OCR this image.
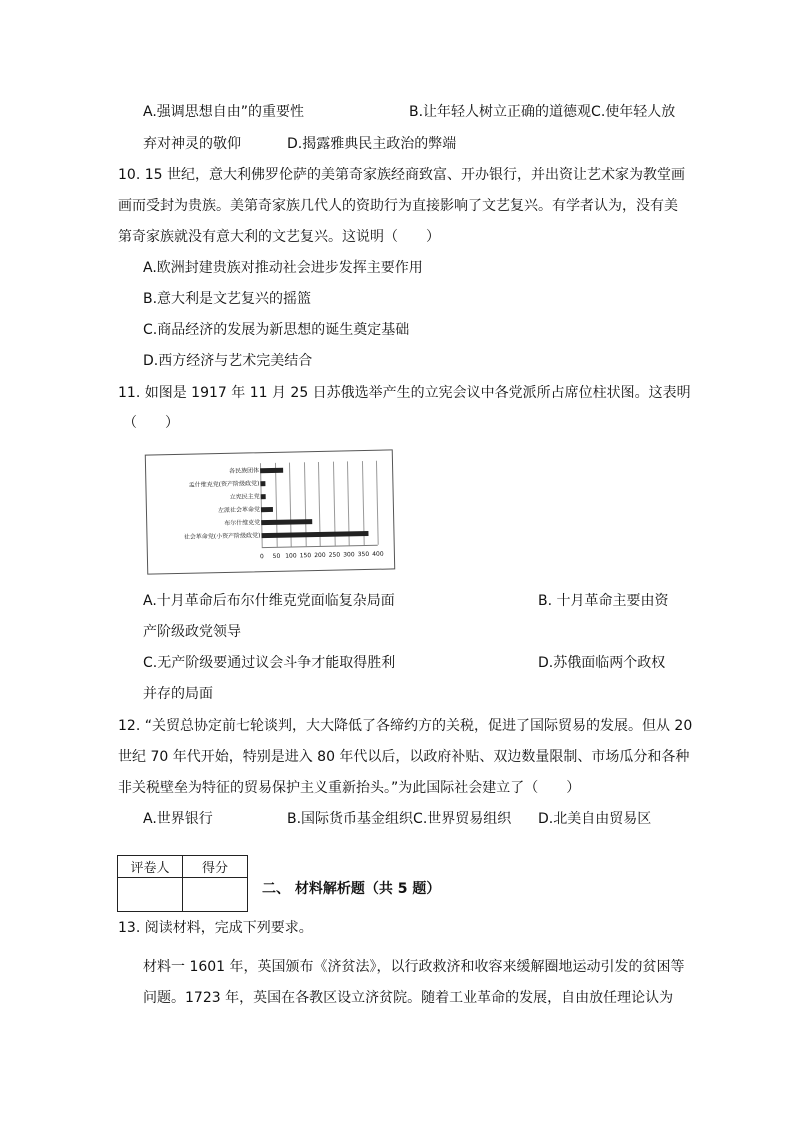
A.强调思想自由”的重要性	B.让年轻人树立正确的道德观C.使年轻人放
弃对神灵的敬仰	D.揭露雅典民主政治的弊端
10. 15 世纪，意大利佛罗伦萨的美第奇家族经商致富、开办银行，并出资让艺术家为教堂画
画而受封为贵族。美第奇家族几代人的资助行为直接影响了文艺复兴。有学者认为，没有美
第奇家族就没有意大利的文艺复兴。这说明（　　）
A.欧洲封建贵族对推动社会进步发挥主要作用
B.意大利是文艺复兴的摇篮
C.商品经济的发展为新思想的诞生奠定基础
D.西方经济与艺术完美结合
11. 如图是 1917 年 11 月 25 日苏俄选举产生的立宪会议中各党派所占席位柱状图。这表明
（　　）
0 50 100 150 200 250 300 350 400
各民族团体
孟什维克党(资产阶级政党)
立宪民主党
左派社会革命党
布尔什维克党
社会革命党(小资产阶级政党)
A.十月革命后布尔什维克党面临复杂局面	B. 十月革命主要由资
产阶级政党领导
C.无产阶级要通过议会斗争才能取得胜利	D.苏俄面临两个政权
并存的局面
12. “关贸总协定前七轮谈判，大大降低了各缔约方的关税，促进了国际贸易的发展。但从 20
世纪 70 年代开始，特别是进入 80 年代以后，以政府补贴、双边数量限制、市场瓜分和各种
非关税壁垒为特征的贸易保护主义重新抬头。”为此国际社会建立了（　　）
A.世界银行	B.国际货币基金组织C.世界贸易组织 D.北美自由贸易区
评卷人	得分

二、 材料解析题（共 5 题）
13. 阅读材料，完成下列要求。
材料一 1601 年，英国颁布《济贫法》，以行政救济和收容来缓解圈地运动引发的贫困等
问题。1723 年，英国在各教区设立济贫院。随着工业革命的发展，自由放任理论认为
